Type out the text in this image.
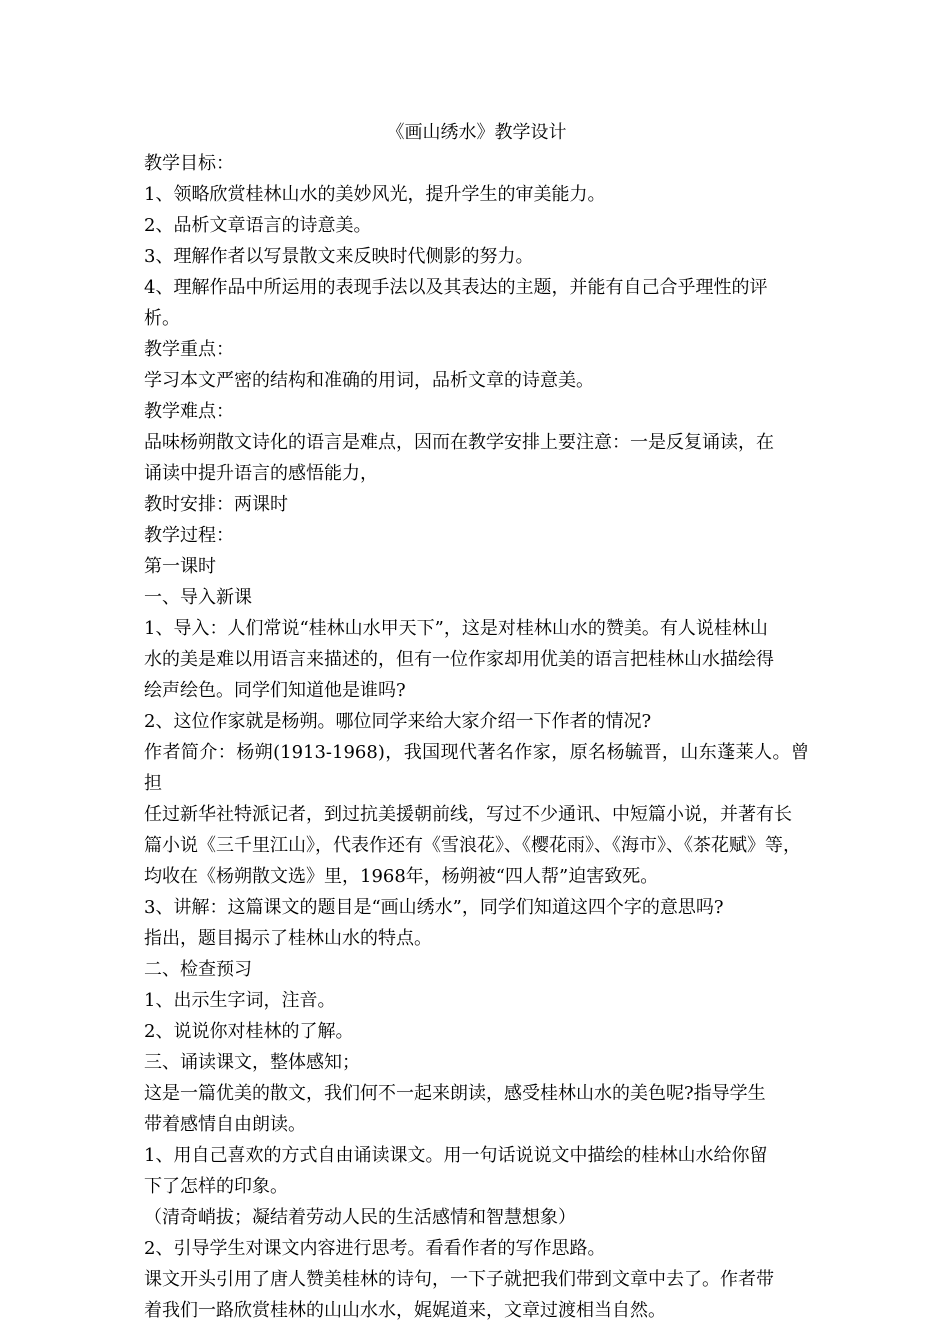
《画山绣水》教学设计

教学目标：

1、领略欣赏桂林山水的美妙风光，提升学生的审美能力。

2、品析文章语言的诗意美。

3、理解作者以写景散文来反映时代侧影的努力。

4、理解作品中所运用的表现手法以及其表达的主题，并能有自己合乎理性的评

析。

教学重点：

学习本文严密的结构和准确的用词，品析文章的诗意美。

教学难点：

品味杨朔散文诗化的语言是难点，因而在教学安排上要注意：一是反复诵读，在

诵读中提升语言的感悟能力，

教时安排：两课时

教学过程：

第一课时

一、导入新课

1、导入：人们常说“桂林山水甲天下”，这是对桂林山水的赞美。有人说桂林山

水的美是难以用语言来描述的，但有一位作家却用优美的语言把桂林山水描绘得

绘声绘色。同学们知道他是谁吗?

2、这位作家就是杨朔。哪位同学来给大家介绍一下作者的情况?

作者简介：杨朔(1913-1968)，我国现代著名作家，原名杨毓晋，山东蓬莱人。曾担

任过新华社特派记者，到过抗美援朝前线，写过不少通讯、中短篇小说，并著有长

篇小说《三千里江山》，代表作还有《雪浪花》、《樱花雨》、《海市》、《茶花赋》等，

均收在《杨朔散文选》里，1968年，杨朔被“四人帮”迫害致死。

3、讲解：这篇课文的题目是“画山绣水”，同学们知道这四个字的意思吗?

指出，题目揭示了桂林山水的特点。

二、检查预习

1、出示生字词，注音。

2、说说你对桂林的了解。

三、诵读课文，整体感知；

这是一篇优美的散文，我们何不一起来朗读，感受桂林山水的美色呢?指导学生

带着感情自由朗读。

1、用自己喜欢的方式自由诵读课文。用一句话说说文中描绘的桂林山水给你留

下了怎样的印象。

（清奇峭拔；凝结着劳动人民的生活感情和智慧想象）

2、引导学生对课文内容进行思考。看看作者的写作思路。

课文开头引用了唐人赞美桂林的诗句，一下子就把我们带到文章中去了。作者带

着我们一路欣赏桂林的山山水水，娓娓道来，文章过渡相当自然。
